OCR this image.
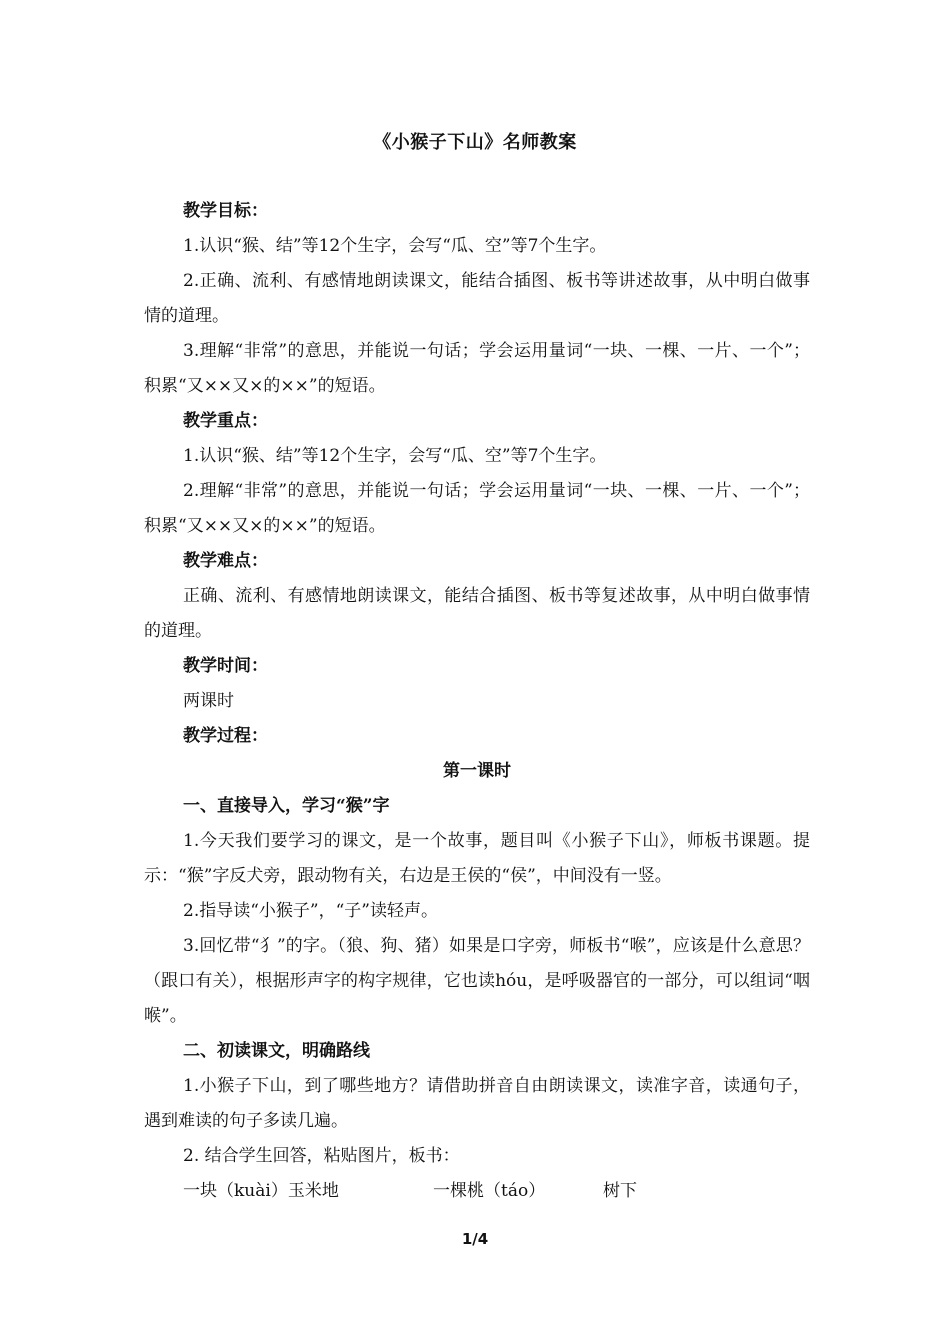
《小猴子下山》名师教案
教学目标：
1.认识“猴、结”等12个生字，会写“瓜、空”等7个生字。
2.正确、流利、有感情地朗读课文，能结合插图、板书等讲述故事，从中明白做事情的道理。
3.理解“非常”的意思，并能说一句话；学会运用量词“一块、一棵、一片、一个”；积累“又××又×的××”的短语。
教学重点：
1.认识“猴、结”等12个生字，会写“瓜、空”等7个生字。
2.理解“非常”的意思，并能说一句话；学会运用量词“一块、一棵、一片、一个”；积累“又××又×的××”的短语。
教学难点：
正确、流利、有感情地朗读课文，能结合插图、板书等复述故事，从中明白做事情的道理。
教学时间：
两课时
教学过程：
第一课时
一、直接导入，学习“猴”字
1.今天我们要学习的课文，是一个故事，题目叫《小猴子下山》，师板书课题。提示：“猴”字反犬旁，跟动物有关，右边是王侯的“侯”，中间没有一竖。
2.指导读“小猴子”，“子”读轻声。
3.回忆带“犭”的字。（狼、狗、猪）如果是口字旁，师板书“喉”，应该是什么意思？（跟口有关），根据形声字的构字规律，它也读hóu，是呼吸器官的一部分，可以组词“咽喉”。
二、初读课文，明确路线
1.小猴子下山，到了哪些地方？请借助拼音自由朗读课文，读准字音，读通句子，遇到难读的句子多读几遍。
2. 结合学生回答，粘贴图片，板书：
一块（kuài）玉米地	一棵桃（táo）	树下
1/4
